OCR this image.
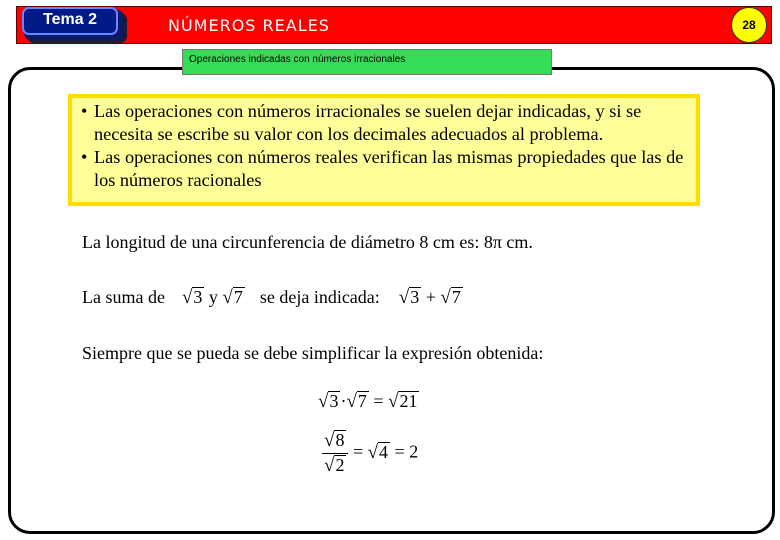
Tema 2	NÚMEROS REALES	28
Operaciones indicadas con números irracionales
• Las operaciones con números irracionales se suelen dejar indicadas, y si se necesita se escribe su valor con los decimales adecuados al problema.
• Las operaciones con números reales verifican las mismas propiedades que las de los números racionales
La longitud de una circunferencia de diámetro 8 cm es: 8π cm.
La suma de √3 y √7 se deja indicada: √3 + √7
Siempre que se pueda se debe simplificar la expresión obtenida:
√3 ·√7 = √21
$\frac{√8}{√2} = √4 = 2$
